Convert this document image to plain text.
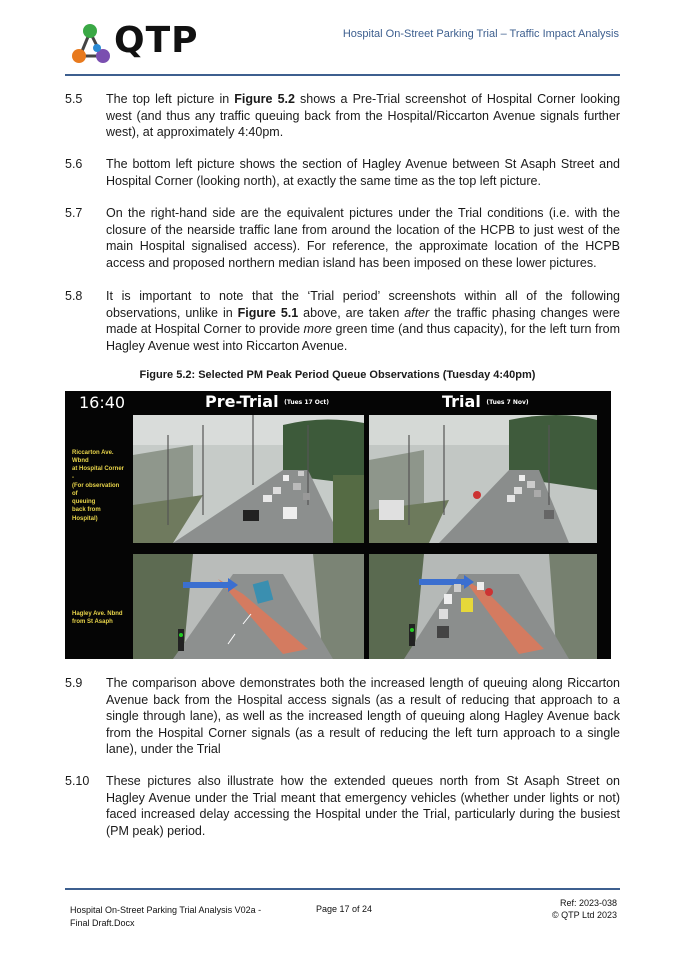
QTP	Hospital On-Street Parking Trial – Traffic Impact Analysis
5.5	The top left picture in Figure 5.2 shows a Pre-Trial screenshot of Hospital Corner looking west (and thus any traffic queuing back from the Hospital/Riccarton Avenue signals further west), at approximately 4:40pm.
5.6	The bottom left picture shows the section of Hagley Avenue between St Asaph Street and Hospital Corner (looking north), at exactly the same time as the top left picture.
5.7	On the right-hand side are the equivalent pictures under the Trial conditions (i.e. with the closure of the nearside traffic lane from around the location of the HCPB to just west of the main Hospital signalised access). For reference, the approximate location of the HCPB access and proposed northern median island has been imposed on these lower pictures.
5.8	It is important to note that the ‘Trial period’ screenshots within all of the following observations, unlike in Figure 5.1 above, are taken after the traffic phasing changes were made at Hospital Corner to provide more green time (and thus capacity), for the left turn from Hagley Avenue west into Riccarton Avenue.
Figure 5.2: Selected PM Peak Period Queue Observations (Tuesday 4:40pm)
16:40	Pre-Trial (Tues 17 Oct)	Trial (Tues 7 Nov)
Riccarton Ave.
Wbnd
at Hospital Corner
-
(For observation
of
queuing
back from
Hospital)
Hagley Ave. Nbnd
from St Asaph
5.9	The comparison above demonstrates both the increased length of queuing along Riccarton Avenue back from the Hospital access signals (as a result of reducing that approach to a single through lane), as well as the increased length of queuing along Hagley Avenue back from the Hospital Corner signals (as a result of reducing the left turn approach to a single lane), under the Trial
5.10	These pictures also illustrate how the extended queues north from St Asaph Street on Hagley Avenue under the Trial meant that emergency vehicles (whether under lights or not) faced increased delay accessing the Hospital under the Trial, particularly during the busiest (PM peak) period.
Hospital On-Street Parking Trial Analysis V02a -
Final Draft.Docx
Page 17 of 24
Ref: 2023-038
© QTP Ltd 2023
